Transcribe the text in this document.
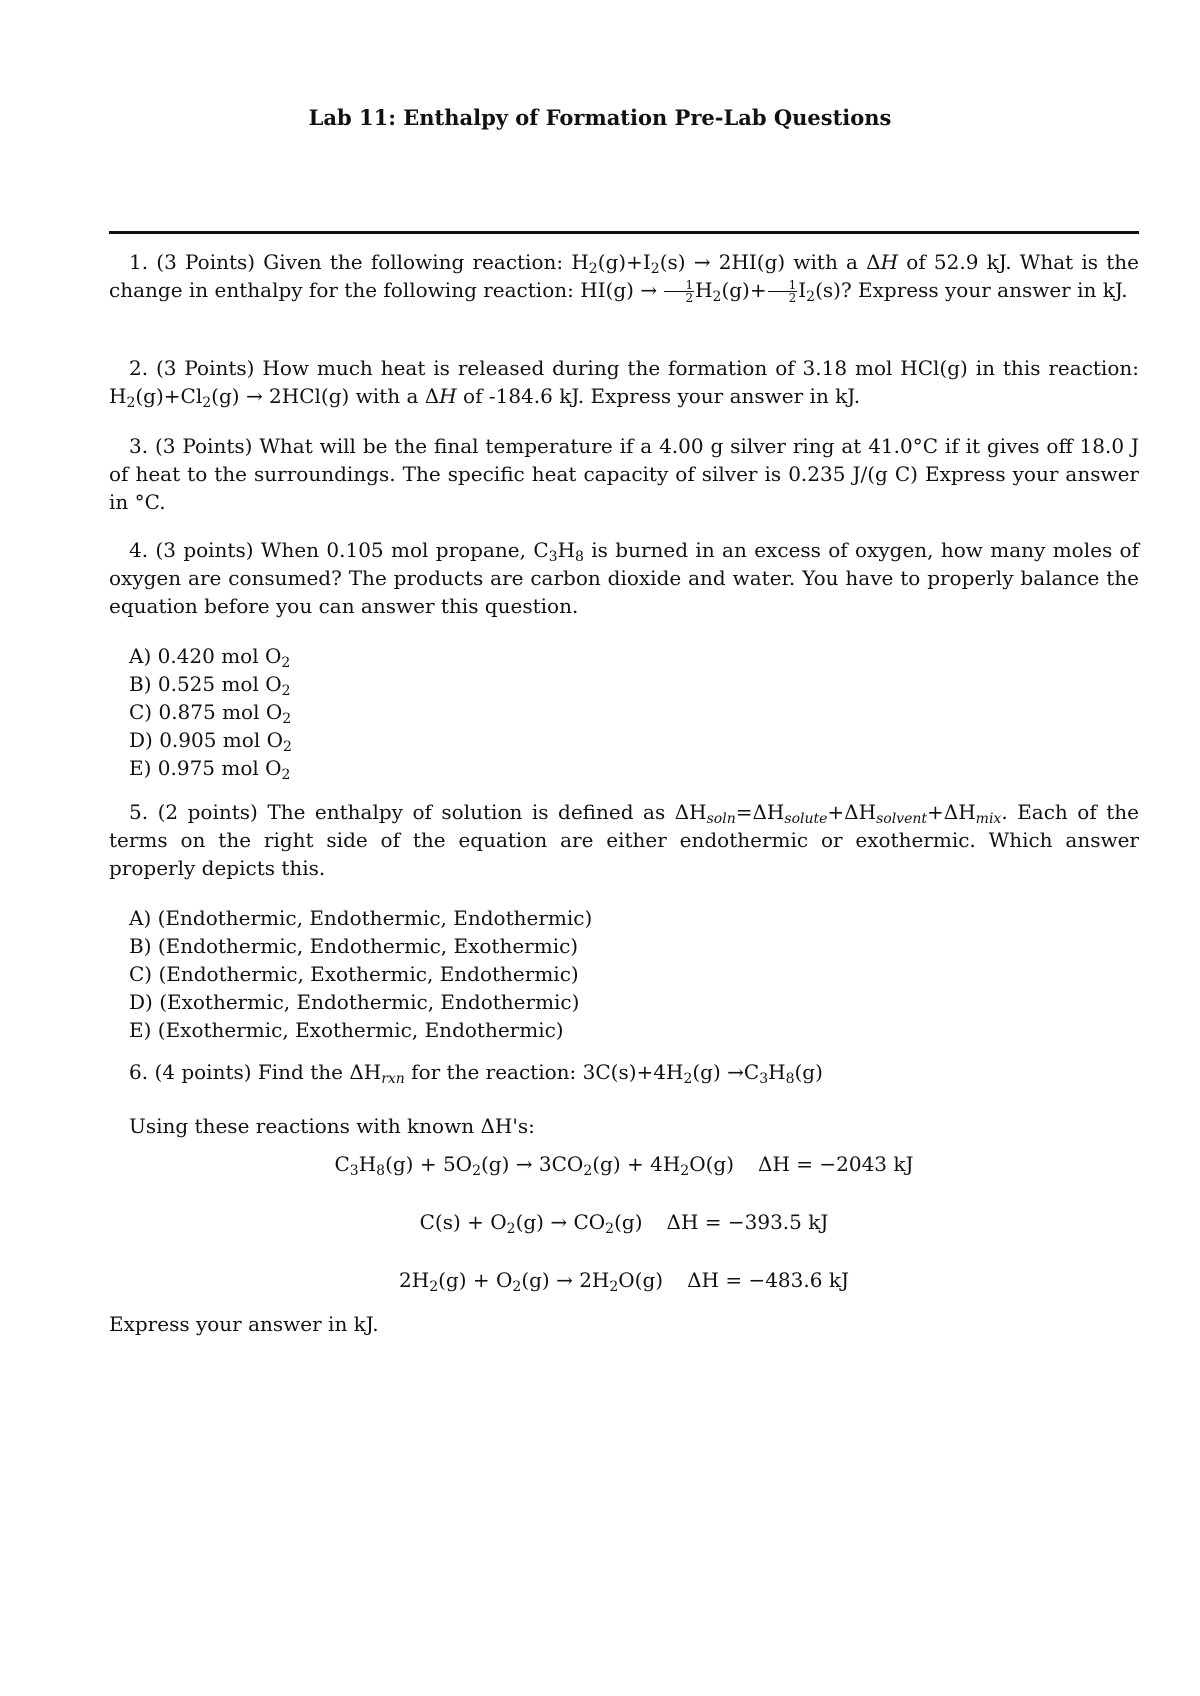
Lab 11: Enthalpy of Formation Pre-Lab Questions

1. (3 Points) Given the following reaction: $H_2(g)+I_2(s) \to 2HI(g)$ with a ΔH of 52.9 kJ. What is the change in enthalpy for the following reaction: $HI(g) \to \frac{1}{2} H_2(g)+ \frac{1}{2} I_2(s)$? Express your answer in kJ.

2. (3 Points) How much heat is released during the formation of 3.18 mol HCl(g) in this reaction: $H_2(g)+Cl_2(g) \to 2HCl(g)$ with a ΔH of -184.6 kJ. Express your answer in kJ.

3. (3 Points) What will be the final temperature if a 4.00 g silver ring at 41.0°C if it gives off 18.0 J of heat to the surroundings. The specific heat capacity of silver is 0.235 J/(g C) Express your answer in °C.

4. (3 points) When 0.105 mol propane, $C_3H_8$ is burned in an excess of oxygen, how many moles of oxygen are consumed? The products are carbon dioxide and water. You have to properly balance the equation before you can answer this question.

A) 0.420 mol $O_2$
B) 0.525 mol $O_2$
C) 0.875 mol $O_2$
D) 0.905 mol $O_2$
E) 0.975 mol $O_2$

5. (2 points) The enthalpy of solution is defined as $\Delta H_{soln}=\Delta H_{solute}+\Delta H_{solvent}+\Delta H_{mix}$. Each of the terms on the right side of the equation are either endothermic or exothermic. Which answer properly depicts this.

A) (Endothermic, Endothermic, Endothermic)
B) (Endothermic, Endothermic, Exothermic)
C) (Endothermic, Exothermic, Endothermic)
D) (Exothermic, Endothermic, Endothermic)
E) (Exothermic, Exothermic, Endothermic)

6. (4 points) Find the $\Delta H_{rxn}$ for the reaction: $3C(s)+4H_2(g) \to C_3H_8(g)$

Using these reactions with known ΔH's:

$C_3H_8(g) + 5O_2(g) \to 3CO_2(g) + 4H_2O(g) \Delta H = -2043$ kJ
$C(s) + O_2(g) \to CO_2(g) \Delta H = -393.5$ kJ
$2H_2(g) + O_2(g) \to 2H_2O(g) \Delta H = -483.6$ kJ

Express your answer in kJ.
